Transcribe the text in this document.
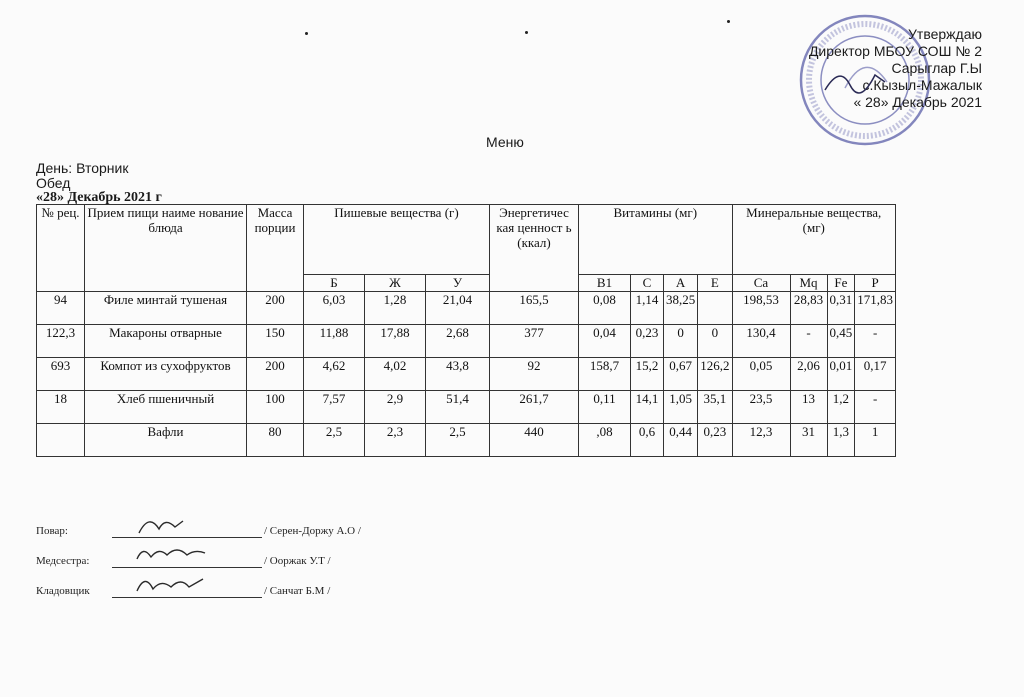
Утверждаю
Директор МБОУ СОШ № 2
Сарыглар Г.Ы
с.Кызыл-Мажалык
« 28» Декабрь 2021
Меню
День: Вторник
Обед
«28» Декабрь 2021 г
№ рец.	Прием пищи наиме нование блюда	Масса порции	Пишевые вещества (г)			Энергетичес кая ценност ь (ккал)	Витамины (мг)				Минеральные вещества, (мг)			
			Б	Ж	У		В1	С	А	Е	Са	Мq	Fe	Р
94	Филе минтай тушеная	200	6,03	1,28	21,04	165,5	0,08	1,14	38,25		198,53	28,83	0,31	171,83
122,3	Макароны отварные	150	11,88	17,88	2,68	377	0,04	0,23	0	0	130,4	-	0,45	-
693	Компот из сухофруктов	200	4,62	4,02	43,8	92	158,7	15,2	0,67	126,2	0,05	2,06	0,01	0,17
18	Хлеб пшеничный	100	7,57	2,9	51,4	261,7	0,11	14,1	1,05	35,1	23,5	13	1,2	-
	Вафли	80	2,5	2,3	2,5	440	,08	0,6	0,44	0,23	12,3	31	1,3	1
Повар:	/ Серен-Доржу А.О /
Медсестра:	/ Ооржак У.Т /
Кладовщик	/ Санчат Б.М /
